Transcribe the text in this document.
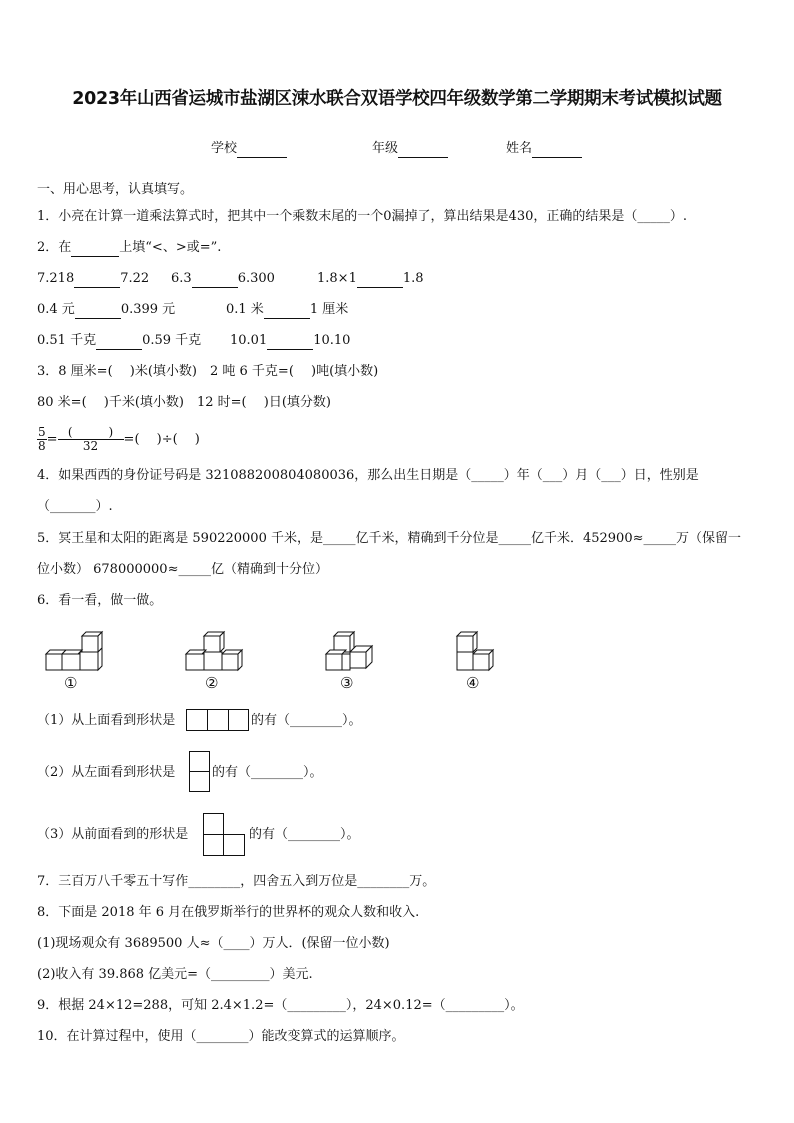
2023年山西省运城市盐湖区涑水联合双语学校四年级数学第二学期期末考试模拟试题
学校	年级	姓名
一、用心思考，认真填写。
1．小亮在计算一道乘法算式时，把其中一个乘数末尾的一个0漏掉了，算出结果是430，正确的结果是（_____）.
2．在	上填“<、>或=”.
7.218	7.22 6.3	6.300	1.8×1	1.8
0.4 元	0.399 元	0.1 米	1 厘米
0.51 千克	0.59 千克 10.01	10.10
3．8 厘米=(　 )米(填小数)　2 吨 6 千克=(　 )吨(填小数)
80 米=(　 )千米(填小数)　12 时=(　 )日(填分数)
$\frac{5}{8} = \frac{( )}{32}$ =(　 )÷(　 )
4．如果西西的身份证号码是 321088200804080036，那么出生日期是（_____）年（___）月（___）日，性别是
（_______）.
5．冥王星和太阳的距离是 590220000 千米，是_____亿千米，精确到千分位是_____亿千米．452900≈_____万（保留一
位小数） 678000000≈_____亿（精确到十分位）
6．看一看，做一做。
①	②	③	④
（1）从上面看到形状是	的有（________）。
（2）从左面看到形状是	的有（________）。
（3）从前面看到的形状是	的有（________）。
7．三百万八千零五十写作________，四舍五入到万位是________万。
8．下面是 2018 年 6 月在俄罗斯举行的世界杯的观众人数和收入.
(1)现场观众有 3689500 人≈（____）万人．(保留一位小数)
(2)收入有 39.868 亿美元=（_________）美元.
9．根据 24×12=288，可知 2.4×1.2=（_________），24×0.12=（_________）。
10．在计算过程中，使用（________）能改变算式的运算顺序。
